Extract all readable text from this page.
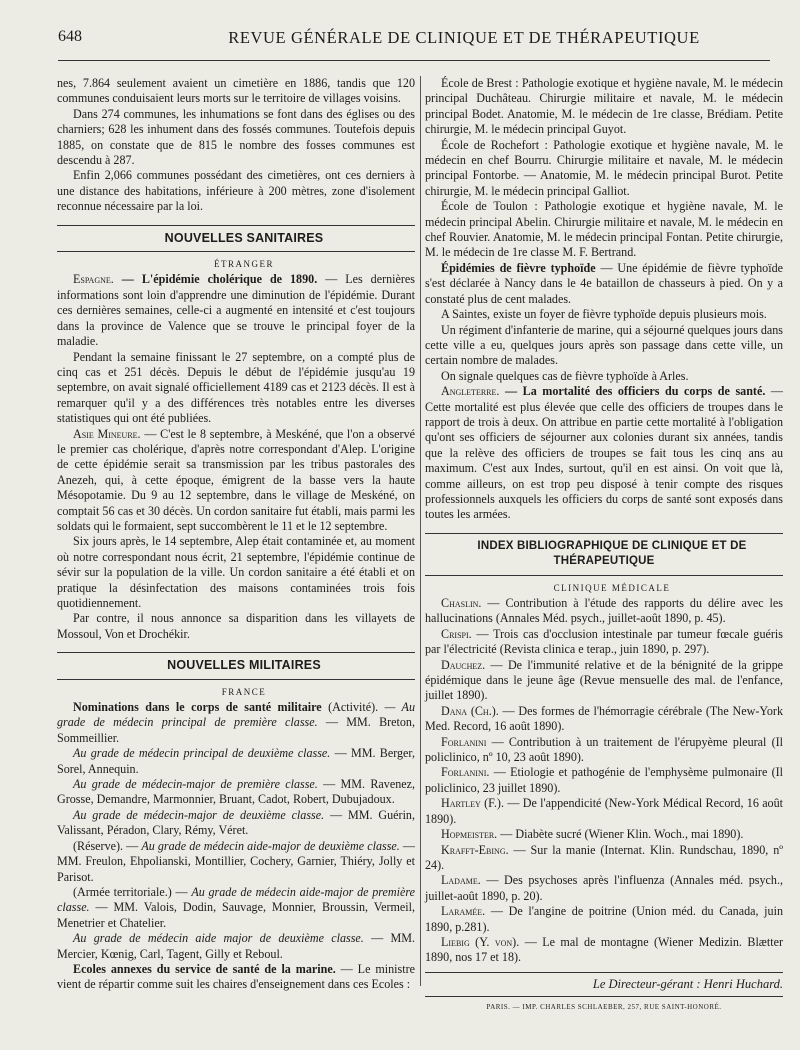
648	REVUE GÉNÉRALE DE CLINIQUE ET DE THÉRAPEUTIQUE

nes, 7.864 seulement avaient un cimetière en 1886, tandis que 120 communes conduisaient leurs morts sur le territoire de villages voisins.

Dans 274 communes, les inhumations se font dans des églises ou des charniers; 628 les inhument dans des fossés communes. Toutefois depuis 1885, on constate que de 815 le nombre des fosses communes est descendu à 287.

Enfin 2,066 communes possédant des cimetières, ont ces derniers à une distance des habitations, inférieure à 200 mètres, zone d'isolement reconnue nécessaire par la loi.

NOUVELLES SANITAIRES

ÉTRANGER

Espagne. — L'épidémie cholérique de 1890. — Les dernières informations sont loin d'apprendre une diminution de l'épidémie. Durant ces dernières semaines, celle-ci a augmenté en intensité et c'est toujours dans la province de Valence que se trouve le principal foyer de la maladie.

Pendant la semaine finissant le 27 septembre, on a compté plus de cinq cas et 251 décès. Depuis le début de l'épidémie jusqu'au 19 septembre, on avait signalé officiellement 4189 cas et 2123 décès. Il est à remarquer qu'il y a des différences très notables entre les diverses statistiques qui ont été publiées.

Asie Mineure. — C'est le 8 septembre, à Meskéné, que l'on a observé le premier cas cholérique, d'après notre correspondant d'Alep. L'origine de cette épidémie serait sa transmission par les tribus pastorales des Anezeh, qui, à cette époque, émigrent de la basse vers la haute Mésopotamie. Du 9 au 12 septembre, dans le village de Meskéné, on comptait 56 cas et 30 décès. Un cordon sanitaire fut établi, mais parmi les soldats qui le formaient, sept succombèrent le 11 et le 12 septembre.

Six jours après, le 14 septembre, Alep était contaminée et, au moment où notre correspondant nous écrit, 21 septembre, l'épidémie continue de sévir sur la population de la ville. Un cordon sanitaire a été établi et on pratique la désinfectation des maisons contaminées trois fois quotidiennement.

Par contre, il nous annonce sa disparition dans les villayets de Mossoul, Von et Drochékir.

NOUVELLES MILITAIRES

FRANCE

Nominations dans le corps de santé militaire (Activité). — Au grade de médecin principal de première classe. — MM. Breton, Sommeillier.

Au grade de médecin principal de deuxième classe. — MM. Berger, Sorel, Annequin.

Au grade de médecin-major de première classe. — MM. Ravenez, Grosse, Demandre, Marmonnier, Bruant, Cadot, Robert, Dubujadoux.

Au grade de médecin-major de deuxième classe. — MM. Guérin, Valissant, Péradon, Clary, Rémy, Véret.

(Réserve). — Au grade de médecin aide-major de deuxième classe. — MM. Freulon, Ehpolianski, Montillier, Cochery, Garnier, Thiéry, Jolly et Parisot.

(Armée territoriale.) — Au grade de médecin aide-major de première classe. — MM. Valois, Dodin, Sauvage, Monnier, Broussin, Vermeil, Menetrier et Chatelier.

Au grade de médecin aide major de deuxième classe. — MM. Mercier, Kœnig, Carl, Tagent, Gilly et Reboul.

Ecoles annexes du service de santé de la marine. — Le ministre vient de répartir comme suit les chaires d'enseignement dans ces Ecoles :

École de Brest : Pathologie exotique et hygiène navale, M. le médecin principal Duchâteau. Chirurgie militaire et navale, M. le médecin principal Bodet. Anatomie, M. le médecin de 1re classe, Brédiam. Petite chirurgie, M. le médecin principal Guyot.

École de Rochefort : Pathologie exotique et hygiène navale, M. le médecin en chef Bourru. Chirurgie militaire et navale, M. le médecin principal Fontorbe. — Anatomie, M. le médecin principal Burot. Petite chirurgie, M. le médecin principal Galliot.

École de Toulon : Pathologie exotique et hygiène navale, M. le médecin principal Abelin. Chirurgie militaire et navale, M. le médecin en chef Rouvier. Anatomie, M. le médecin principal Fontan. Petite chirurgie, M. le médecin de 1re classe M. F. Bertrand.

Épidémies de fièvre typhoïde — Une épidémie de fièvre typhoïde s'est déclarée à Nancy dans le 4e bataillon de chasseurs à pied. On y a constaté plus de cent malades.

A Saintes, existe un foyer de fièvre typhoïde depuis plusieurs mois.

Un régiment d'infanterie de marine, qui a séjourné quelques jours dans cette ville a eu, quelques jours après son passage dans cette ville, un certain nombre de malades.

On signale quelques cas de fièvre typhoïde à Arles.

Angleterre. — La mortalité des officiers du corps de santé. — Cette mortalité est plus élevée que celle des officiers de troupes dans le rapport de trois à deux. On attribue en partie cette mortalité à l'obligation qu'ont ses officiers de séjourner aux colonies durant six années, tandis que la relève des officiers de troupes se fait tous les cinq ans au maximum. C'est aux Indes, surtout, qu'il en est ainsi. On voit que là, comme ailleurs, on est trop peu disposé à tenir compte des risques professionnels auxquels les officiers du corps de santé sont exposés dans toutes les armées.

INDEX BIBLIOGRAPHIQUE DE CLINIQUE ET DE THÉRAPEUTIQUE

CLINIQUE MÉDICALE

Chaslin. — Contribution à l'étude des rapports du délire avec les hallucinations (Annales Méd. psych., juillet-août 1890, p. 45).

Crispi. — Trois cas d'occlusion intestinale par tumeur fœcale guéris par l'électricité (Revista clinica e terap., juin 1890, p. 297).

Dauchez. — De l'immunité relative et de la bénignité de la grippe épidémique dans le jeune âge (Revue mensuelle des mal. de l'enfance, juillet 1890).

Dana (Ch.). — Des formes de l'hémorragie cérébrale (The New-York Med. Record, 16 août 1890).

Forlanini — Contribution à un traitement de l'érupyème pleural (Il policlinico, nº 10, 23 août 1890).

Forlanini. — Etiologie et pathogénie de l'emphysème pulmonaire (Il policlinico, 23 juillet 1890).

Hartley (F.). — De l'appendicité (New-York Médical Record, 16 août 1890).

Hopmeister. — Diabète sucré (Wiener Klin. Woch., mai 1890).

Krafft-Ebing. — Sur la manie (Internat. Klin. Rundschau, 1890, nº 24).

Ladame. — Des psychoses après l'influenza (Annales méd. psych., juillet-août 1890, p. 20).

Laramée. — De l'angine de poitrine (Union méd. du Canada, juin 1890, p.281).

Liebig (Y. von). — Le mal de montagne (Wiener Medizin. Blætter 1890, nos 17 et 18).

Le Directeur-gérant : Henri Huchard.
PARIS. — IMP. CHARLES SCHLAEBER, 257, RUE SAINT-HONORÉ.
